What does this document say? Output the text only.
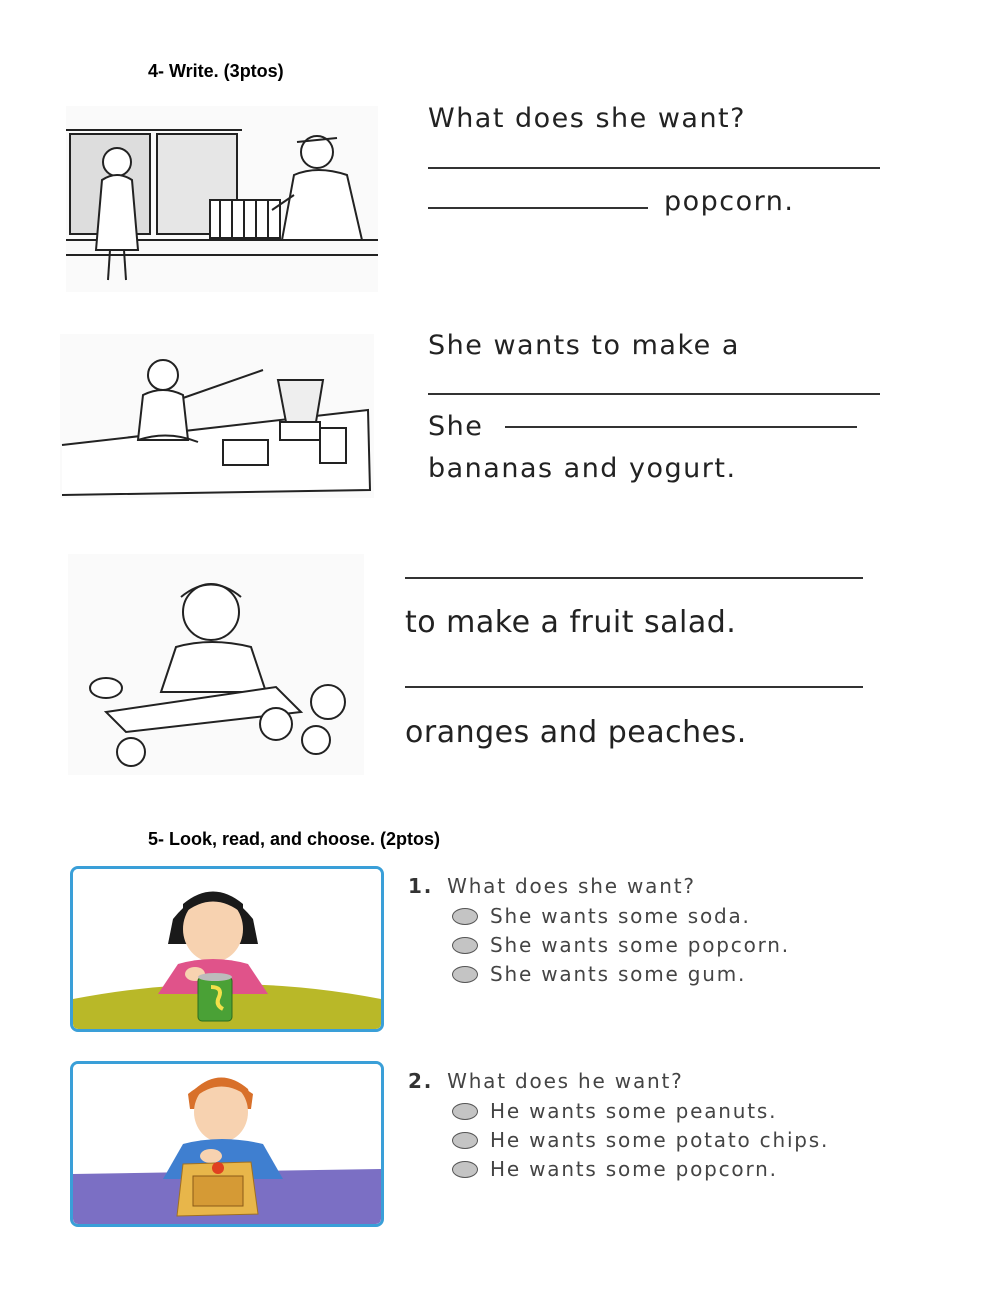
4- Write. (3ptos)
What does she want?
popcorn.
She wants to make a
She
bananas and yogurt.
to make a fruit salad.
oranges and peaches.
5- Look, read, and choose. (2ptos)
1. What does she want?
She wants some soda.
She wants some popcorn.
She wants some gum.
2. What does he want?
He wants some peanuts.
He wants some potato chips.
He wants some popcorn.
